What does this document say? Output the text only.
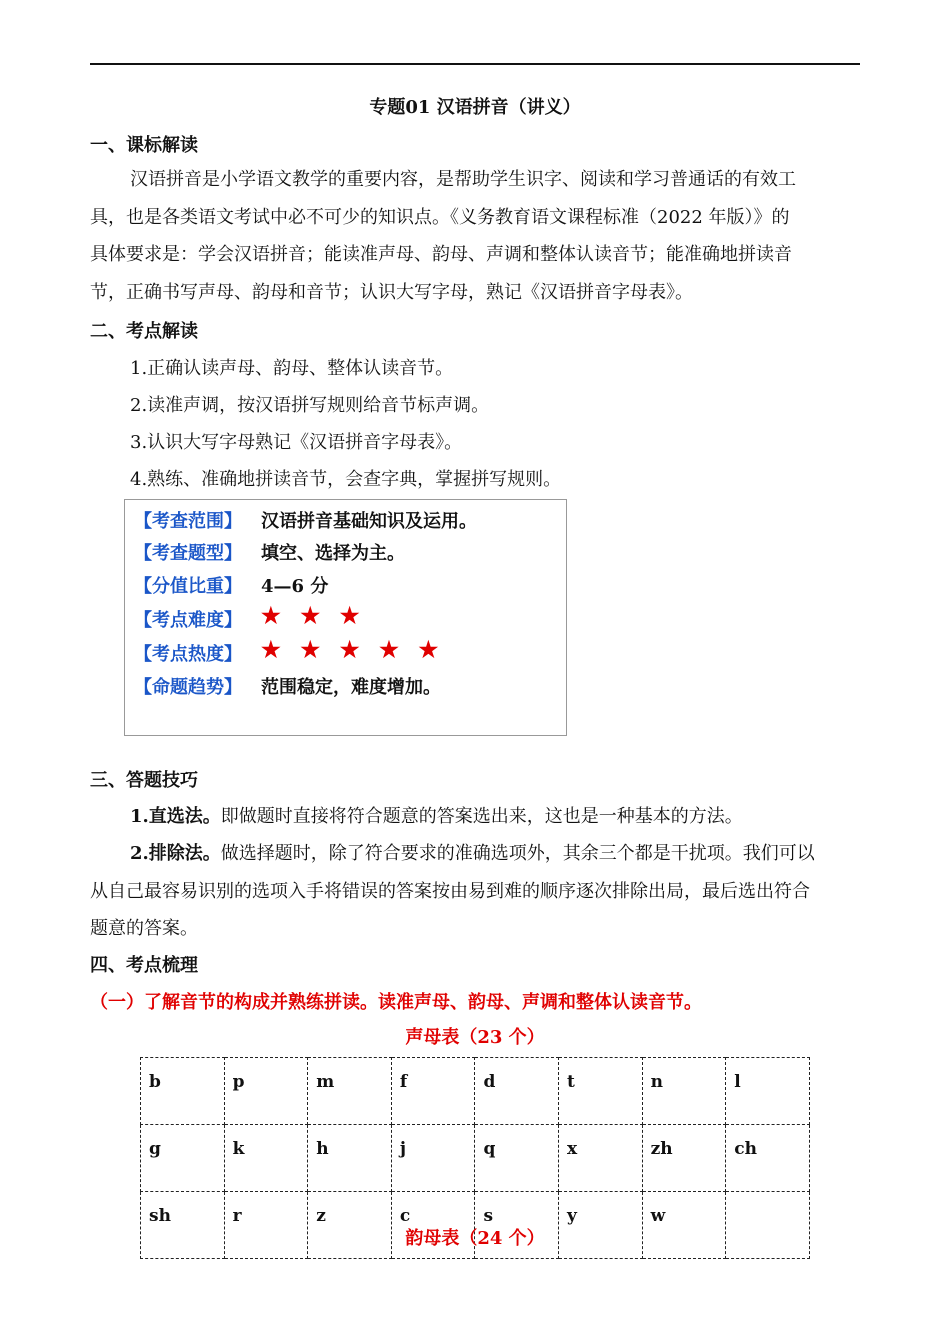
专题01 汉语拼音（讲义）
一、课标解读
汉语拼音是小学语文教学的重要内容，是帮助学生识字、阅读和学习普通话的有效工
具，也是各类语文考试中必不可少的知识点。《义务教育语文课程标准（2022 年版）》的
具体要求是：学会汉语拼音；能读准声母、韵母、声调和整体认读音节；能准确地拼读音
节，正确书写声母、韵母和音节；认识大写字母，熟记《汉语拼音字母表》。
二、考点解读
1.正确认读声母、韵母、整体认读音节。
2.读准声调，按汉语拼写规则给音节标声调。
3.认识大写字母熟记《汉语拼音字母表》。
4.熟练、准确地拼读音节，会查字典，掌握拼写规则。
【考查范围】 汉语拼音基础知识及运用。
【考查题型】 填空、选择为主。
【分值比重】 4—6 分
【考点难度】 ★ ★ ★
【考点热度】 ★ ★ ★ ★ ★
【命题趋势】 范围稳定，难度增加。
三、答题技巧
1.直选法。即做题时直接将符合题意的答案选出来，这也是一种基本的方法。
2.排除法。做选择题时，除了符合要求的准确选项外，其余三个都是干扰项。我们可以
从自己最容易识别的选项入手将错误的答案按由易到难的顺序逐次排除出局，最后选出符合
题意的答案。
四、考点梳理
（一）了解音节的构成并熟练拼读。读准声母、韵母、声调和整体认读音节。
声母表（23 个）
b	p	m	f	d	t	n	l
g	k	h	j	q	x	zh	ch
sh	r	z	c	s	y	w	
韵母表（24 个）
